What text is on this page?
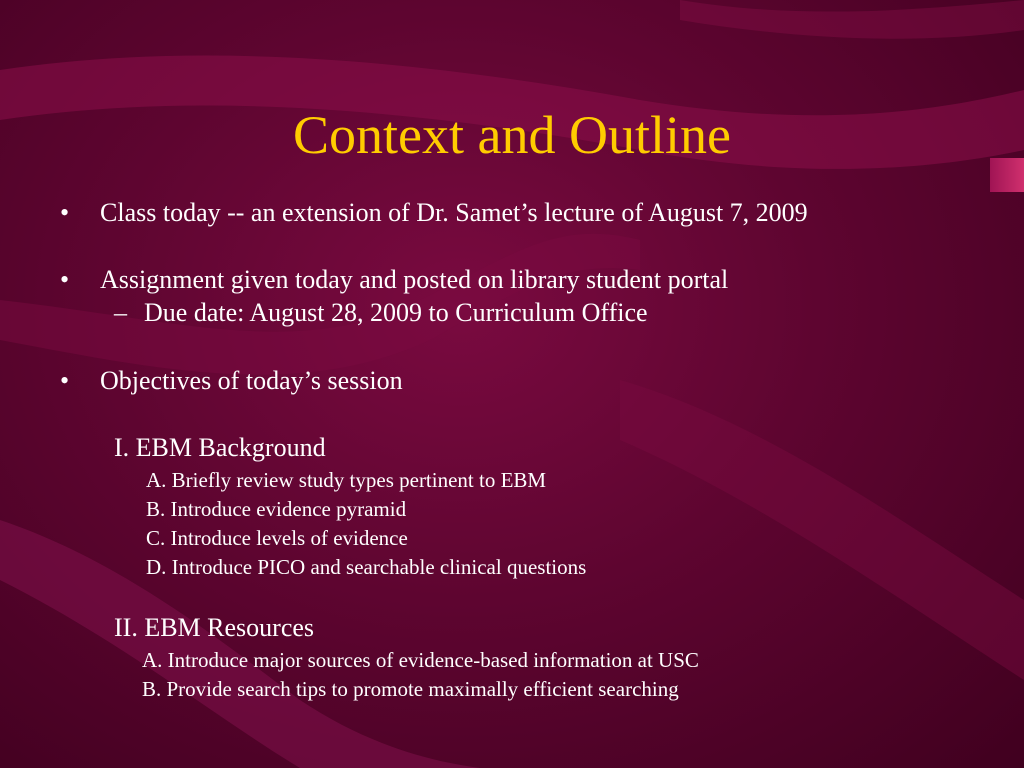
Context and Outline
• Class today -- an extension of Dr. Samet’s lecture of August 7, 2009
• Assignment given today and posted on library student portal
– Due date: August 28, 2009 to Curriculum Office
• Objectives of today’s session
I. EBM Background
A. Briefly review study types pertinent to EBM
B. Introduce evidence pyramid
C. Introduce levels of evidence
D. Introduce PICO and searchable clinical questions
II. EBM Resources
A. Introduce major sources of evidence-based information at USC
B. Provide search tips to promote maximally efficient searching
